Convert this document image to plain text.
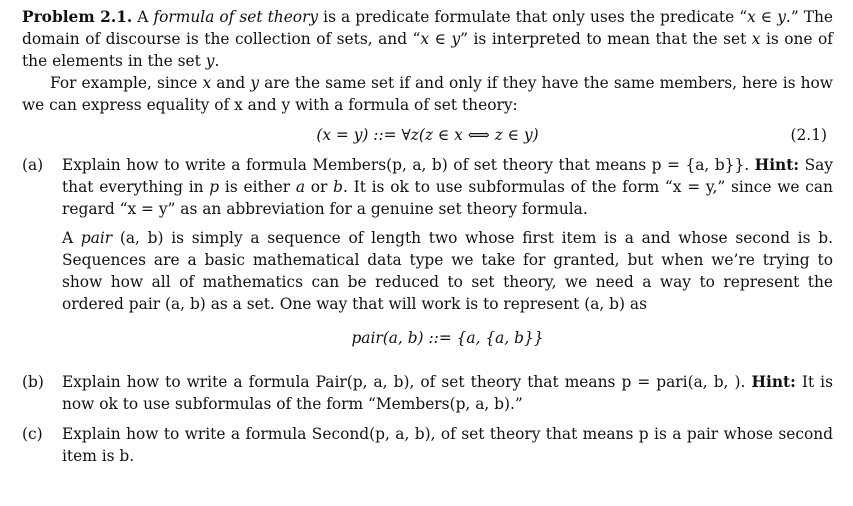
Problem 2.1. A formula of set theory is a predicate formulate that only uses the predicate “x ∈ y.” The domain of discourse is the collection of sets, and “x ∈ y” is interpreted to mean that the set x is one of the elements in the set y.

For example, since x and y are the same set if and only if they have the same members, here is how we can express equality of x and y with a formula of set theory:

(x = y) ::= ∀z(z ∈ x ⟺ z ∈ y)	(2.1)
(a)	Explain how to write a formula Members(p, a, b) of set theory that means p = {a, b}}. Hint: Say that everything in p is either a or b. It is ok to use subformulas of the form “x = y,” since we can regard “x = y” as an abbreviation for a genuine set theory formula.

A pair (a, b) is simply a sequence of length two whose first item is a and whose second is b. Sequences are a basic mathematical data type we take for granted, but when we’re trying to show how all of mathematics can be reduced to set theory, we need a way to represent the ordered pair (a, b) as a set. One way that will work is to represent (a, b) as

pair(a, b) ::= {a, {a, b}}

(b)	Explain how to write a formula Pair(p, a, b), of set theory that means p = pari(a, b, ). Hint: It is now ok to use subformulas of the form “Members(p, a, b).”

(c)	Explain how to write a formula Second(p, a, b), of set theory that means p is a pair whose second item is b.
